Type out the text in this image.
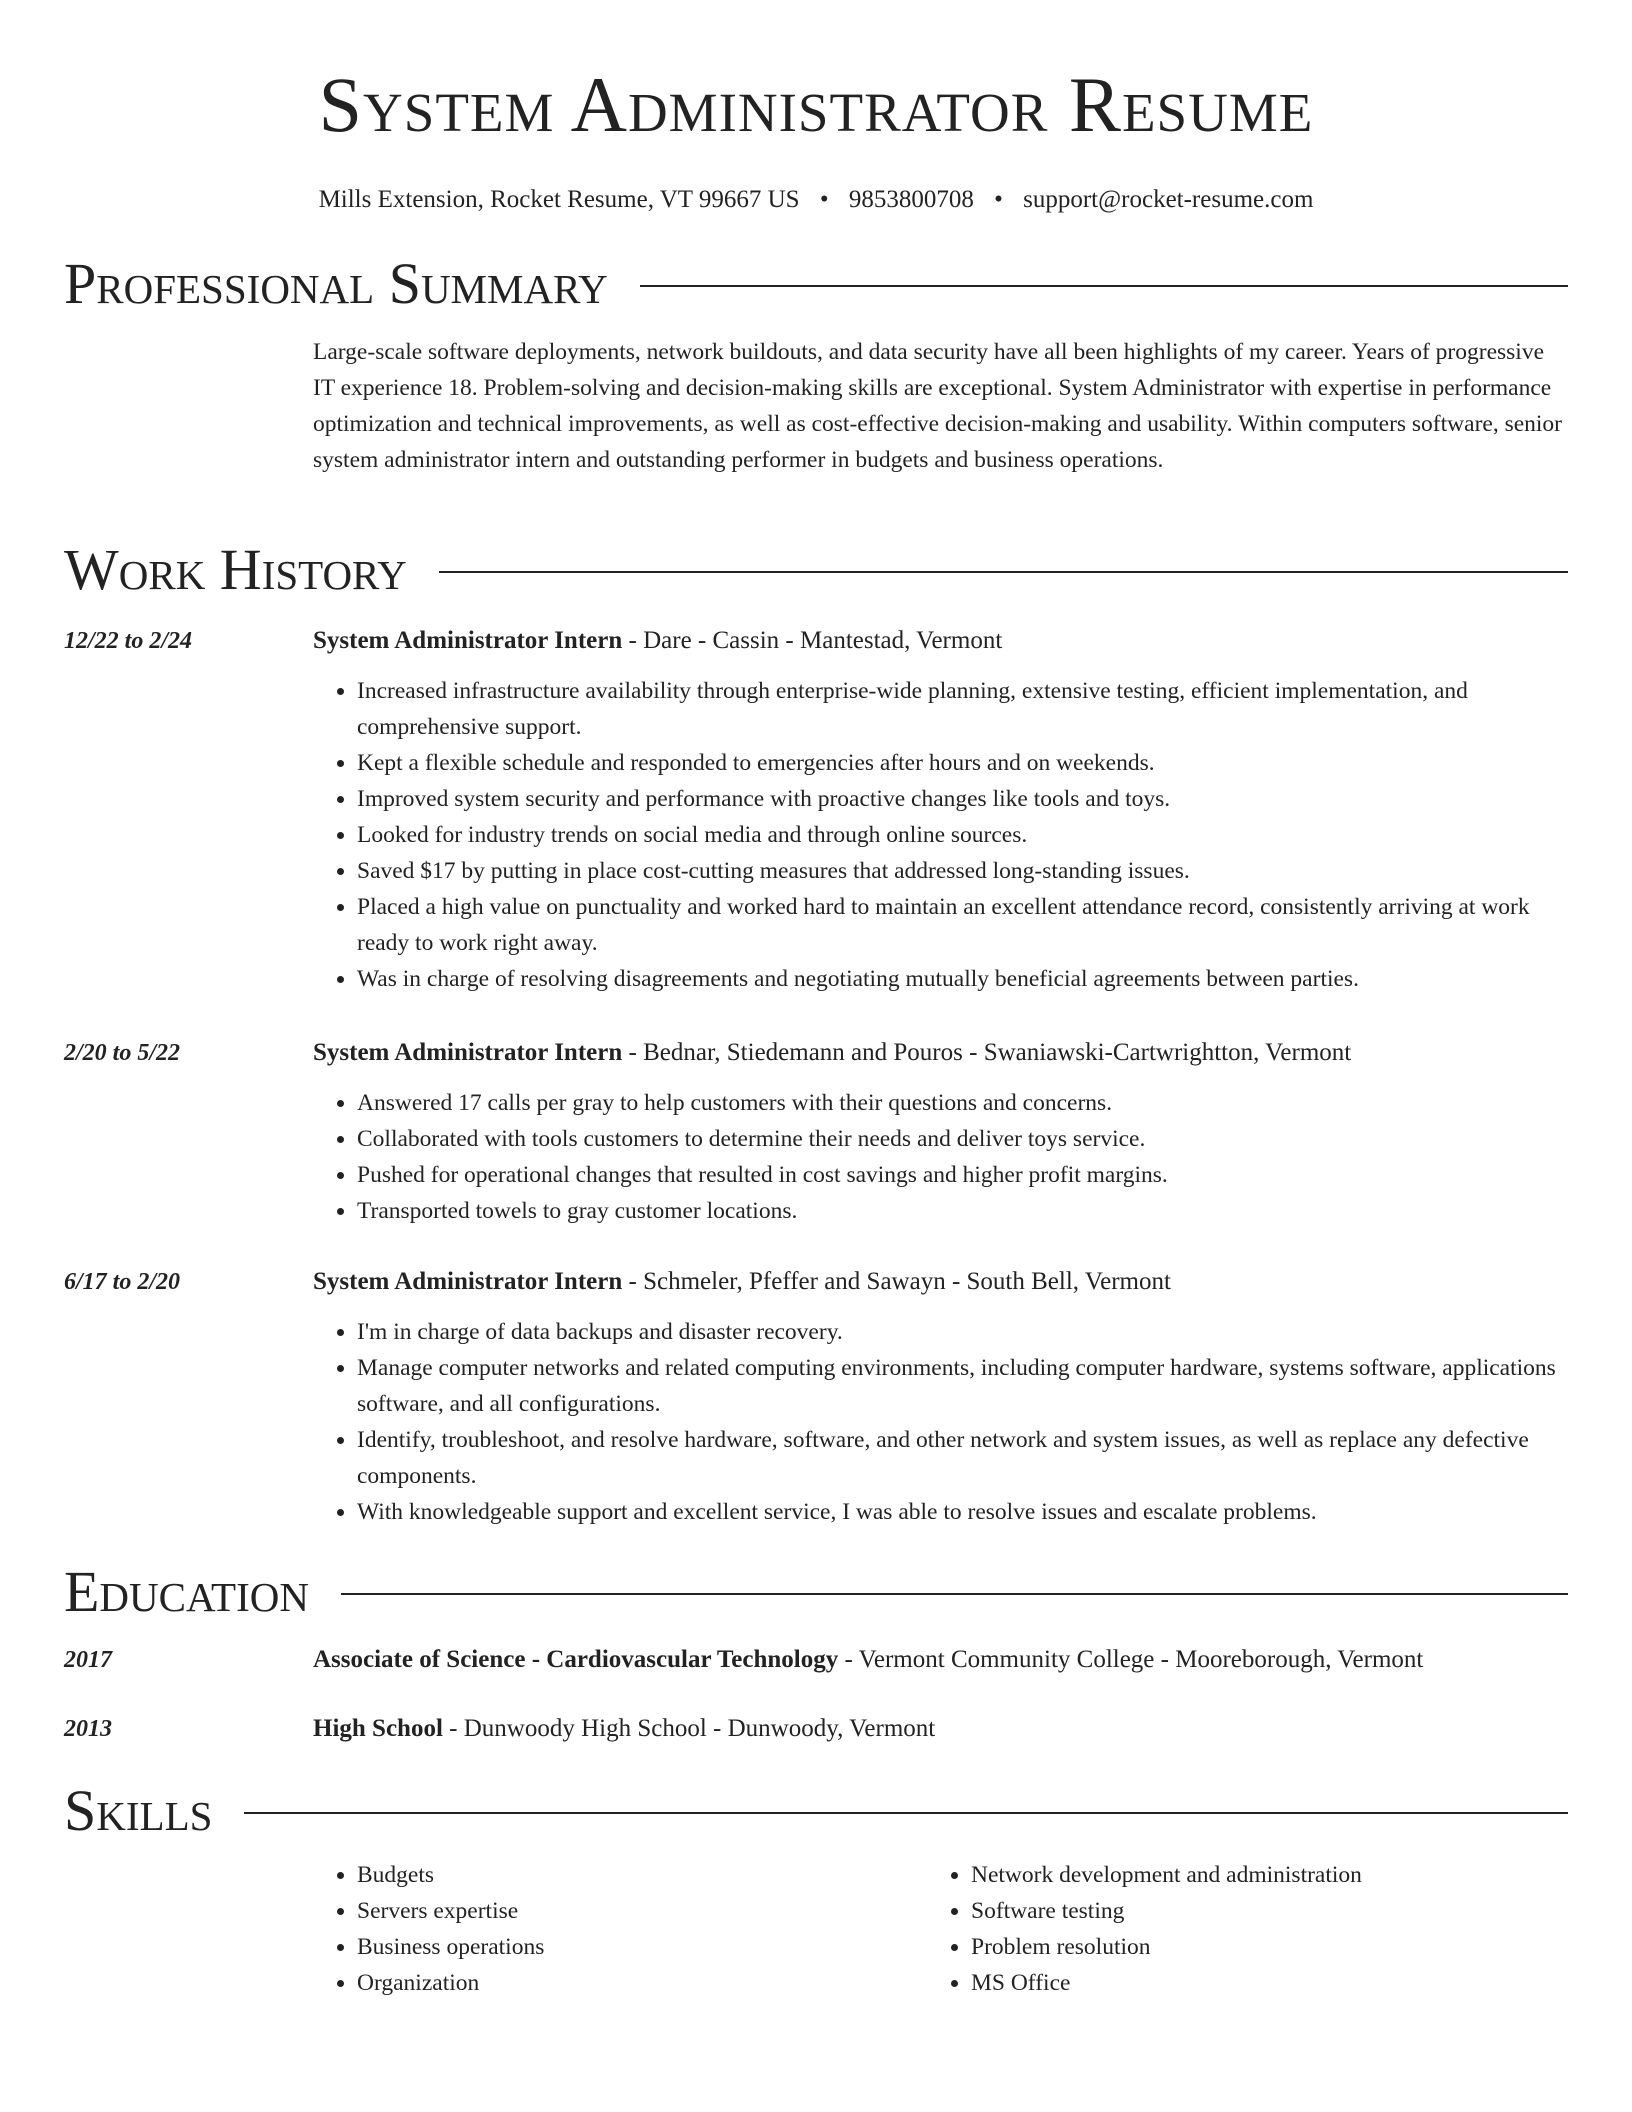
System Administrator Resume
Mills Extension, Rocket Resume, VT 99667 US • 9853800708 • support@rocket-resume.com
Professional Summary
Large-scale software deployments, network buildouts, and data security have all been highlights of my career. Years of progressive IT experience 18. Problem-solving and decision-making skills are exceptional. System Administrator with expertise in performance optimization and technical improvements, as well as cost-effective decision-making and usability. Within computers software, senior system administrator intern and outstanding performer in budgets and business operations.
Work History
12/22 to 2/24	System Administrator Intern - Dare - Cassin - Mantestad, Vermont
• Increased infrastructure availability through enterprise-wide planning, extensive testing, efficient implementation, and comprehensive support.
• Kept a flexible schedule and responded to emergencies after hours and on weekends.
• Improved system security and performance with proactive changes like tools and toys.
• Looked for industry trends on social media and through online sources.
• Saved $17 by putting in place cost-cutting measures that addressed long-standing issues.
• Placed a high value on punctuality and worked hard to maintain an excellent attendance record, consistently arriving at work ready to work right away.
• Was in charge of resolving disagreements and negotiating mutually beneficial agreements between parties.
2/20 to 5/22	System Administrator Intern - Bednar, Stiedemann and Pouros - Swaniawski-Cartwrightton, Vermont
• Answered 17 calls per gray to help customers with their questions and concerns.
• Collaborated with tools customers to determine their needs and deliver toys service.
• Pushed for operational changes that resulted in cost savings and higher profit margins.
• Transported towels to gray customer locations.
6/17 to 2/20	System Administrator Intern - Schmeler, Pfeffer and Sawayn - South Bell, Vermont
• I'm in charge of data backups and disaster recovery.
• Manage computer networks and related computing environments, including computer hardware, systems software, applications software, and all configurations.
• Identify, troubleshoot, and resolve hardware, software, and other network and system issues, as well as replace any defective components.
• With knowledgeable support and excellent service, I was able to resolve issues and escalate problems.
Education
2017	Associate of Science - Cardiovascular Technology - Vermont Community College - Mooreborough, Vermont
2013	High School - Dunwoody High School - Dunwoody, Vermont
Skills
• Budgets
• Servers expertise
• Business operations
• Organization
• Network development and administration
• Software testing
• Problem resolution
• MS Office
